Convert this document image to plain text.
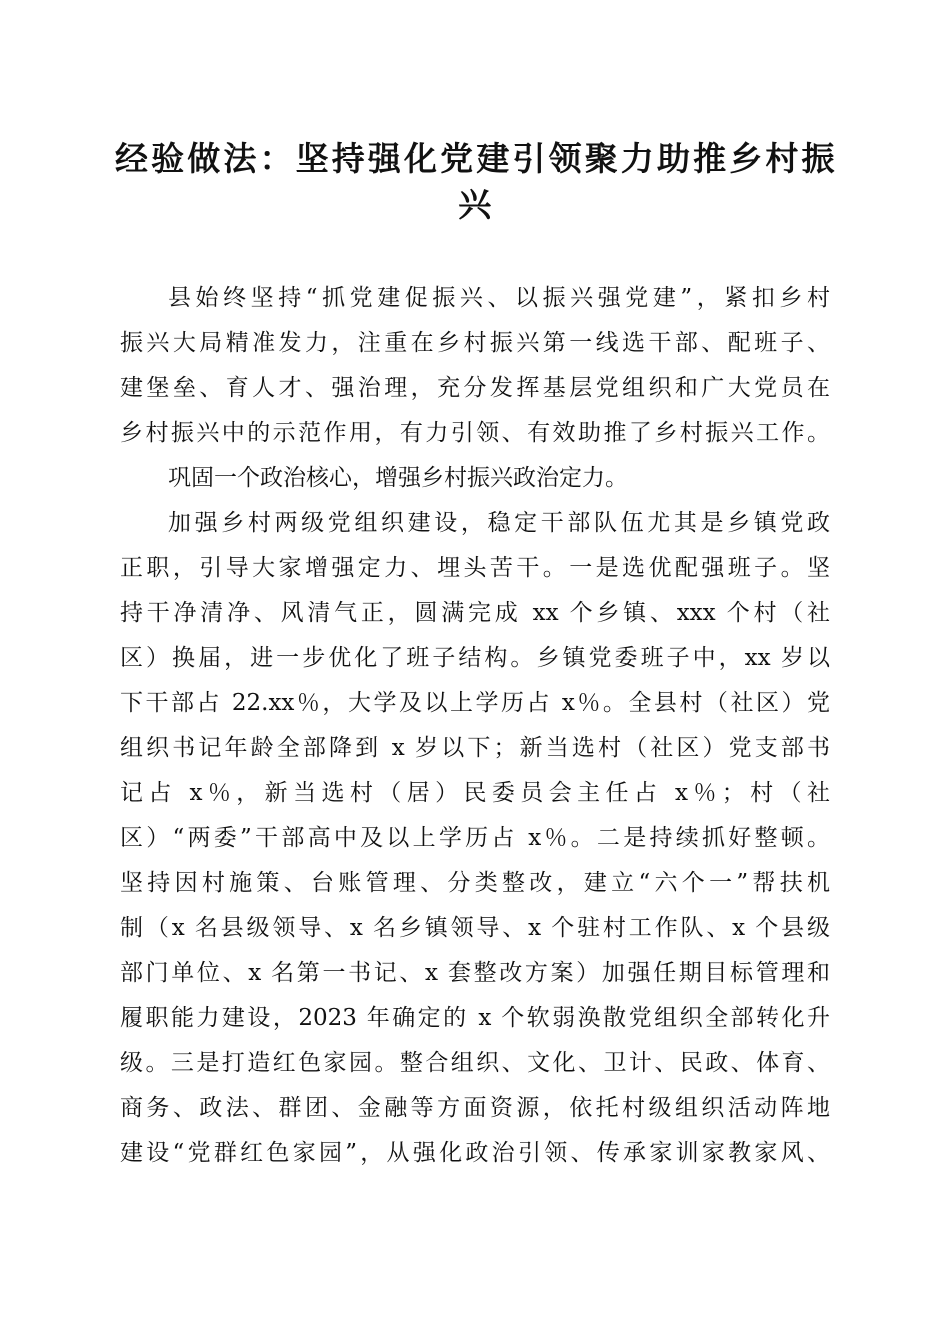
经验做法：坚持强化党建引领聚力助推乡村振
兴
县始终坚持“抓党建促振兴、以振兴强党建”，紧扣乡村
振兴大局精准发力，注重在乡村振兴第一线选干部、配班子、
建堡垒、育人才、强治理，充分发挥基层党组织和广大党员在
乡村振兴中的示范作用，有力引领、有效助推了乡村振兴工作。
巩固一个政治核心，增强乡村振兴政治定力。
加强乡村两级党组织建设，稳定干部队伍尤其是乡镇党政
正职，引导大家增强定力、埋头苦干。一是选优配强班子。坚
持干净清净、风清气正，圆满完成 xx 个乡镇、xxx 个村（社
区）换届，进一步优化了班子结构。乡镇党委班子中，xx 岁以
下干部占 22.xx％，大学及以上学历占 x％。全县村（社区）党
组织书记年龄全部降到 x 岁以下；新当选村（社区）党支部书
记占 x％，新当选村（居）民委员会主任占 x％；村（社
区）“两委”干部高中及以上学历占 x％。二是持续抓好整顿。
坚持因村施策、台账管理、分类整改，建立“六个一”帮扶机
制（x 名县级领导、x 名乡镇领导、x 个驻村工作队、x 个县级
部门单位、x 名第一书记、x 套整改方案）加强任期目标管理和
履职能力建设，2023 年确定的 x 个软弱涣散党组织全部转化升
级。三是打造红色家园。整合组织、文化、卫计、民政、体育、
商务、政法、群团、金融等方面资源，依托村级组织活动阵地
建设“党群红色家园”，从强化政治引领、传承家训家教家风、
